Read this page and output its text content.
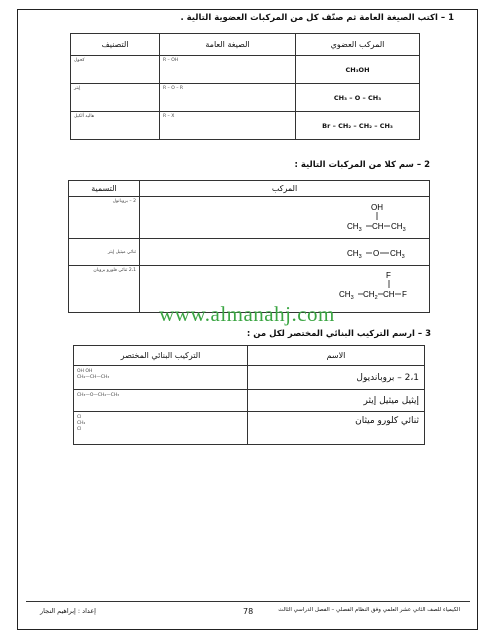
1 – اكتب الصيغة العامة ثم صنّف كل من المركبات العضوية التالية .
التصنيف	الصيغة العامة	المركب العضوي
كحول	R – OH	CH₃OH
إيثر	R – O – R	CH₃ – O – CH₃
هاليد ألكيل	R – X	Br – CH₂ – CH₂ – CH₃
2 – سم كلا من المركبات التالية :
التسمية	المركب
2 – بروبانول	OH
$CH_3$ CH $CH_3$

ثنائي ميثيل إيثر	$CH_3$ O $CH_3$

2،1 ثنائي فلورو بروبان	F
$CH_3$ $CH_2$ CH F
www.almanahj.com
3 – ارسم التركيب البنائي المختصر لكل من :
التركيب البنائي المختصر	الاسم

OH OH
CH₂—CH—CH₃	2،1 – بروبانديول

CH₃—O—CH₂—CH₃	إيثيل ميثيل إيثر

Cl
CH₂
Cl	ثنائي كلورو ميثان
إعداد : إبراهيم النجار	78	الكيمياء للصف الثاني عشر العلمي وفق النظام الفصلي – الفصل الدراسي الثالث
